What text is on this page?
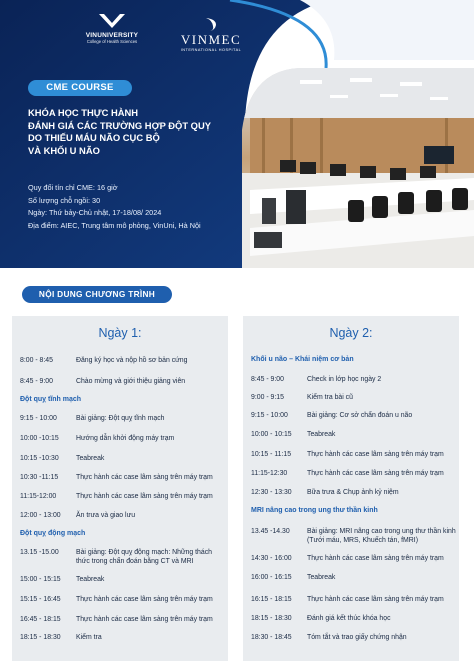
VINUNIVERSITY
College of Health Sciences	VINMEC
INTERNATIONAL HOSPITAL
CME COURSE
KHÓA HỌC THỰC HÀNH
ĐÁNH GIÁ CÁC TRƯỜNG HỢP ĐỘT QUỴ
DO THIẾU MÁU NÃO CỤC BỘ
VÀ KHỐI U NÃO
Quy đổi tín chỉ CME: 16 giờ
Số lượng chỗ ngồi: 30
Ngày: Thứ bảy-Chủ nhật, 17-18/08/ 2024
Địa điểm: AIEC, Trung tâm mô phỏng, VinUni, Hà Nội
NỘI DUNG CHƯƠNG TRÌNH
Ngày 1:
8:00 - 8:45	Đăng ký học và nộp hồ sơ bản cứng
8:45 - 9:00	Chào mừng và giới thiệu giảng viên
Đột quỵ tĩnh mạch
9:15 - 10:00	Bài giảng: Đột quỵ tĩnh mạch
10:00 -10:15	Hướng dẫn khởi động máy trạm
10:15 -10:30	Teabreak
10:30 -11:15	Thực hành các case lâm sàng trên máy trạm
11:15-12:00	Thực hành các case lâm sàng trên máy trạm
12:00 - 13:00	Ăn trưa và giao lưu
Đột quỵ động mạch
13.15 -15.00	Bài giảng: Đột quỵ động mạch: Những thách thức trong chẩn đoán bằng CT và MRI
15:00 - 15:15	Teabreak
15:15 - 16:45	Thực hành các case lâm sàng trên máy trạm
16:45 - 18:15	Thực hành các case lâm sàng trên máy trạm
18:15 - 18:30	Kiểm tra
Ngày 2:
Khối u não – Khái niệm cơ bản
8:45 - 9:00	Check in lớp học ngày 2
9:00 - 9:15	Kiểm tra bài cũ
9:15 - 10:00	Bài giảng: Cơ sở chẩn đoán u não
10:00 - 10:15	Teabreak
10:15 - 11:15	Thực hành các case lâm sàng trên máy trạm
11:15-12:30	Thực hành các case lâm sàng trên máy trạm
12:30 - 13:30	Bữa trưa & Chụp ảnh kỷ niệm
MRI nâng cao trong ung thư thần kinh
13.45 -14.30	Bài giảng: MRI nâng cao trong ung thư thần kinh (Tưới máu, MRS, Khuếch tán, fMRI)
14:30 - 16:00	Thực hành các case lâm sàng trên máy trạm
16:00 - 16:15	Teabreak
16:15 - 18:15	Thực hành các case lâm sàng trên máy trạm
18:15 - 18:30	Đánh giá kết thúc khóa học
18:30 - 18:45	Tóm tắt và trao giấy chứng nhận
